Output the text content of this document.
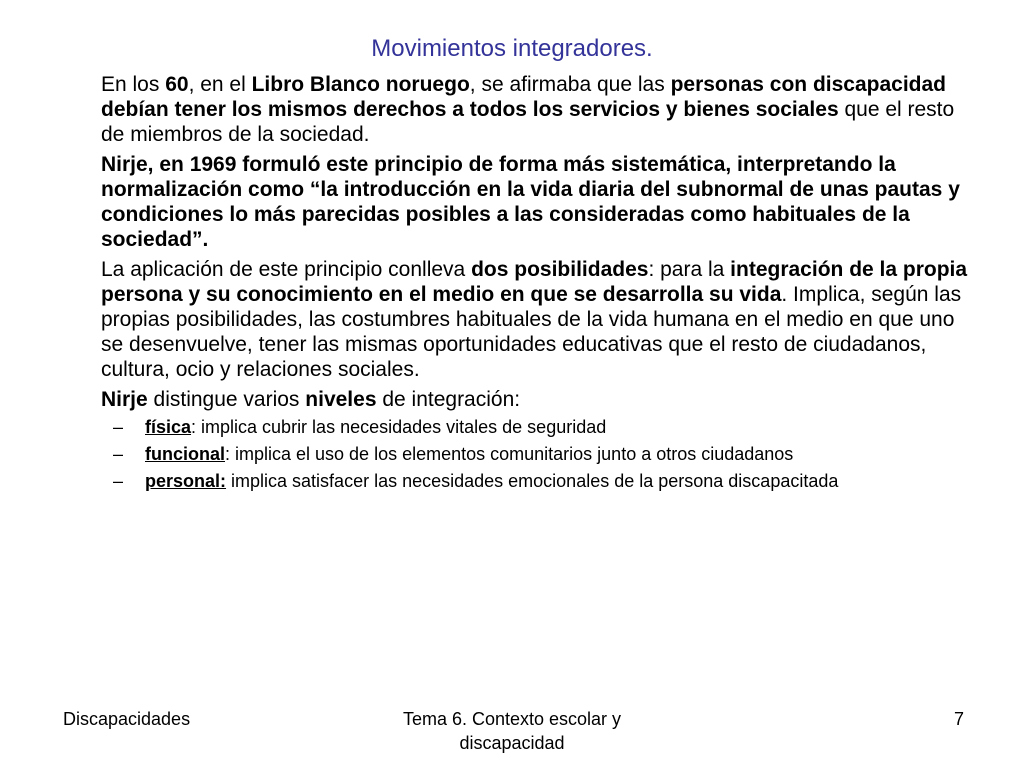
Movimientos integradores.

En los 60, en el Libro Blanco noruego, se afirmaba que las personas con discapacidad debían tener los mismos derechos a todos los servicios y bienes sociales que el resto de miembros de la sociedad.

Nirje, en 1969 formuló este principio de forma más sistemática, interpretando la normalización como “la introducción en la vida diaria del subnormal de unas pautas y condiciones lo más parecidas posibles a las consideradas como habituales de la sociedad”.

La aplicación de este principio conlleva dos posibilidades: para la integración de la propia persona y su conocimiento en el medio en que se desarrolla su vida. Implica, según las propias posibilidades, las costumbres habituales de la vida humana en el medio en que uno se desenvuelve, tener las mismas oportunidades educativas que el resto de ciudadanos, cultura, ocio y relaciones sociales.

Nirje distingue varios niveles de integración:

– física: implica cubrir las necesidades vitales de seguridad
– funcional: implica el uso de los elementos comunitarios junto a otros ciudadanos
– personal: implica satisfacer las necesidades emocionales de la persona discapacitada
Discapacidades	Tema 6. Contexto escolar y
discapacidad
7
